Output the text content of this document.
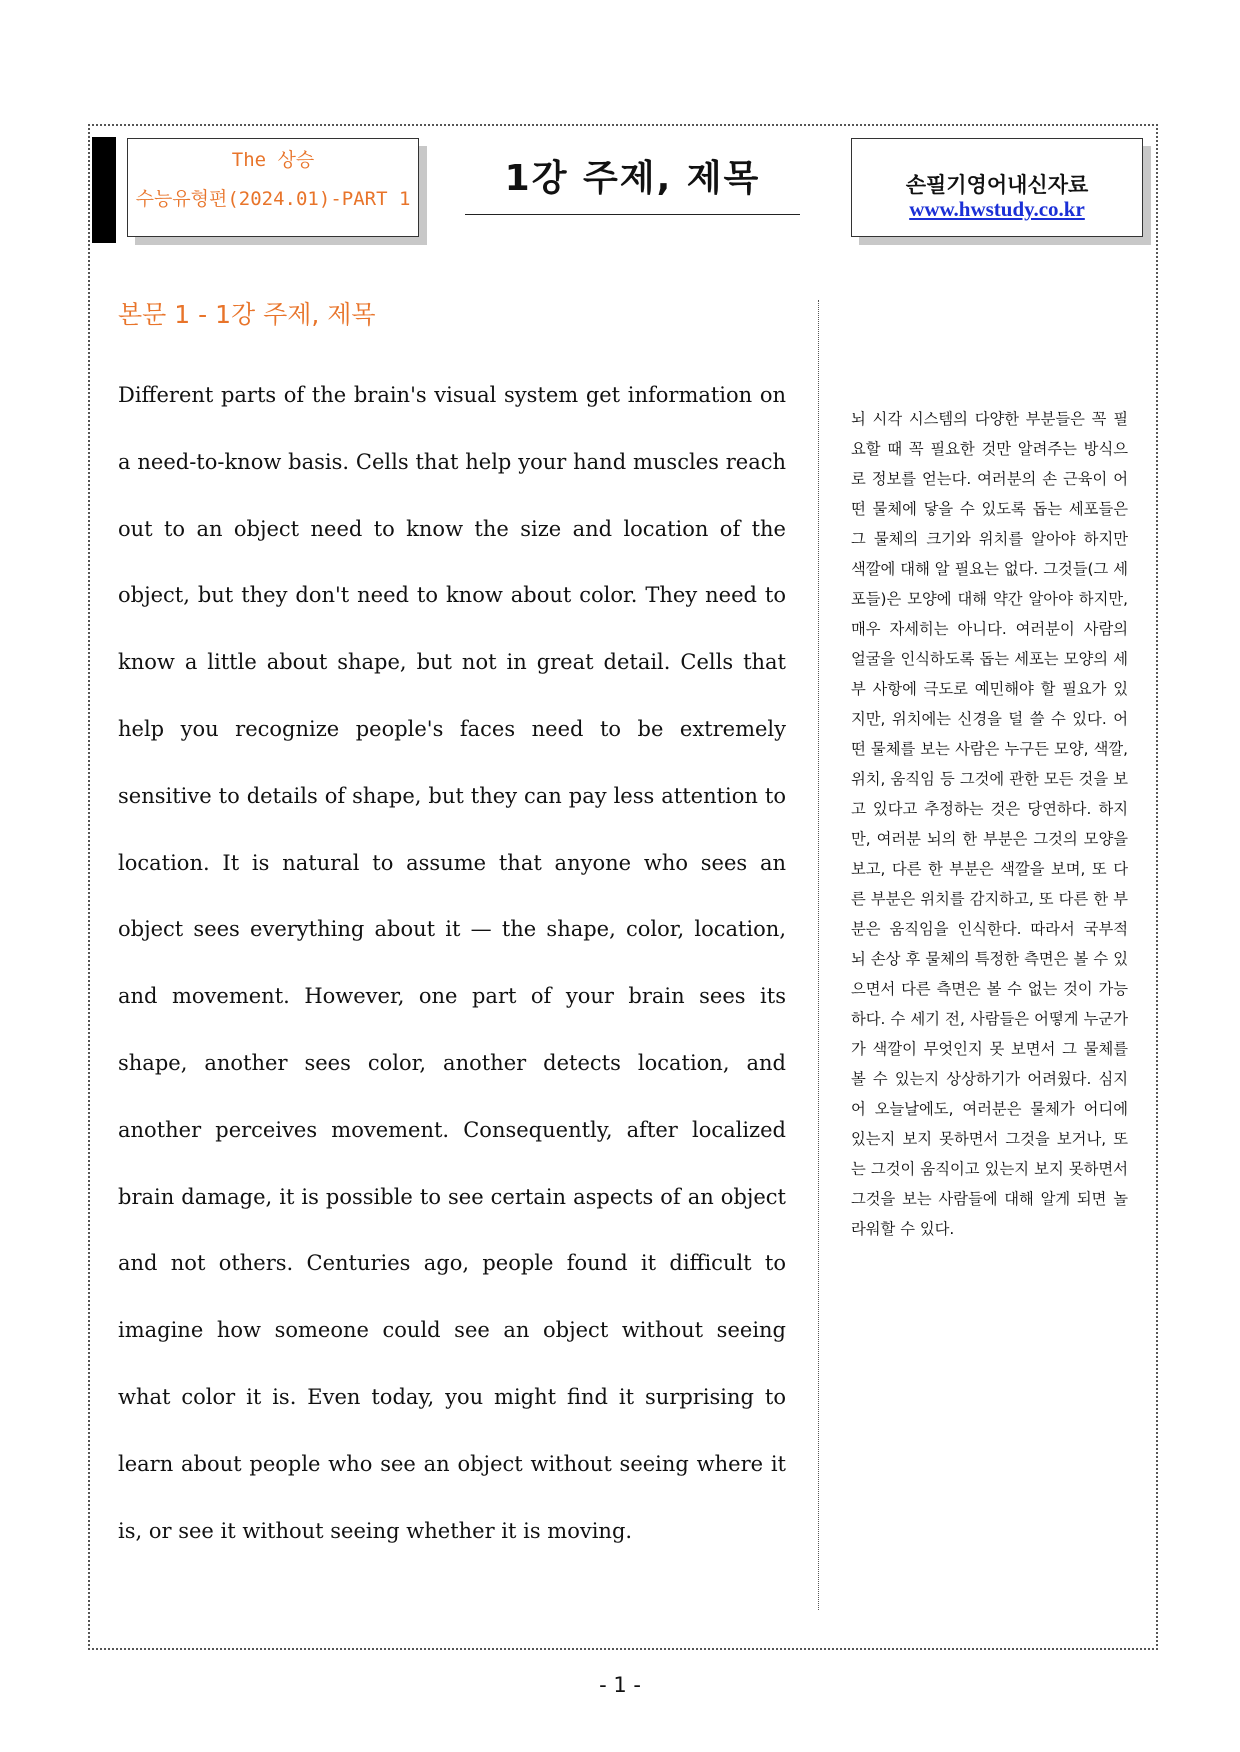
The 상승
수능유형편(2024.01)-PART 1	1강 주제, 제목	손필기영어내신자료
www.hwstudy.co.kr
본문 1 - 1강 주제, 제목

Different parts of the brain's visual system get information on a need-to-know basis. Cells that help your hand muscles reach out to an object need to know the size and location of the object, but they don't need to know about color. They need to know a little about shape, but not in great detail. Cells that help you recognize people's faces need to be extremely sensitive to details of shape, but they can pay less attention to location. It is natural to assume that anyone who sees an object sees everything about it — the shape, color, location, and movement. However, one part of your brain sees its shape, another sees color, another detects location, and another perceives movement. Consequently, after localized brain damage, it is possible to see certain aspects of an object and not others. Centuries ago, people found it difficult to imagine how someone could see an object without seeing what color it is. Even today, you might find it surprising to learn about people who see an object without seeing where it is, or see it without seeing whether it is moving.

뇌 시각 시스템의 다양한 부분들은 꼭 필요할 때 꼭 필요한 것만 알려주는 방식으로 정보를 얻는다. 여러분의 손 근육이 어떤 물체에 닿을 수 있도록 돕는 세포들은 그 물체의 크기와 위치를 알아야 하지만 색깔에 대해 알 필요는 없다. 그것들(그 세포들)은 모양에 대해 약간 알아야 하지만, 매우 자세히는 아니다. 여러분이 사람의 얼굴을 인식하도록 돕는 세포는 모양의 세부 사항에 극도로 예민해야 할 필요가 있지만, 위치에는 신경을 덜 쓸 수 있다. 어떤 물체를 보는 사람은 누구든 모양, 색깔, 위치, 움직임 등 그것에 관한 모든 것을 보고 있다고 추정하는 것은 당연하다. 하지만, 여러분 뇌의 한 부분은 그것의 모양을 보고, 다른 한 부분은 색깔을 보며, 또 다른 부분은 위치를 감지하고, 또 다른 한 부분은 움직임을 인식한다. 따라서 국부적 뇌 손상 후 물체의 특정한 측면은 볼 수 있으면서 다른 측면은 볼 수 없는 것이 가능하다. 수 세기 전, 사람들은 어떻게 누군가가 색깔이 무엇인지 못 보면서 그 물체를 볼 수 있는지 상상하기가 어려웠다. 심지어 오늘날에도, 여러분은 물체가 어디에 있는지 보지 못하면서 그것을 보거나, 또는 그것이 움직이고 있는지 보지 못하면서 그것을 보는 사람들에 대해 알게 되면 놀라워할 수 있다.

- 1 -
